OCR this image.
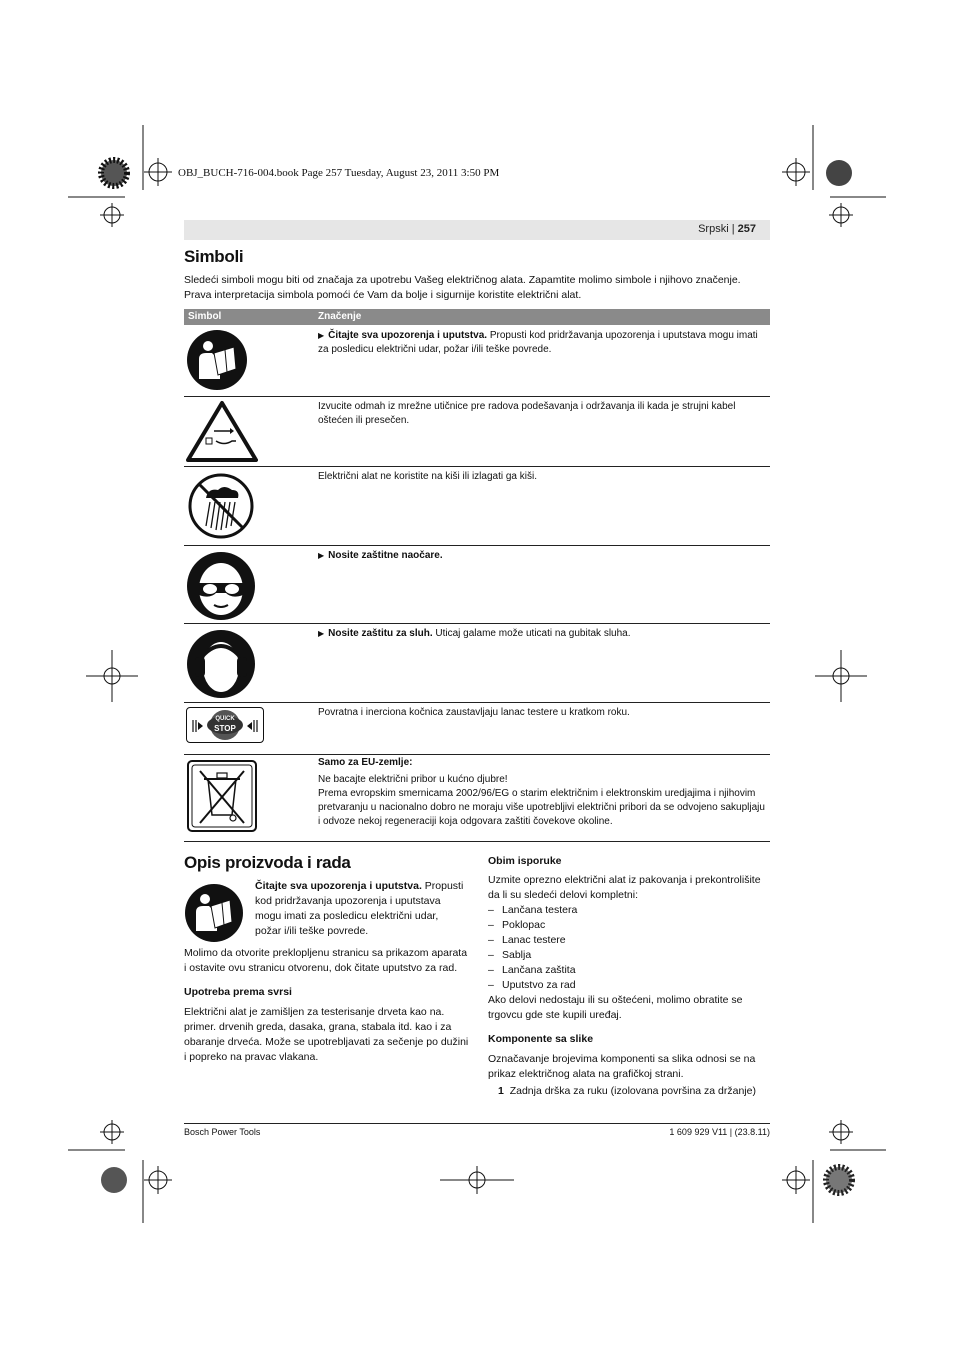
OBJ_BUCH-716-004.book Page 257 Tuesday, August 23, 2011 3:50 PM
Srpski | 257
Simboli
Sledeći simboli mogu biti od značaja za upotrebu Vašeg električnog alata. Zapamtite molimo simbole i njihovo značenje. Prava interpretacija simbola pomoći će Vam da bolje i sigurnije koristite električni alat.
Simbol	Značenje
▶ Čitajte sva upozorenja i uputstva. Propusti kod pridržavanja upozorenja i uputstava mogu imati za posledicu električni udar, požar i/ili teške povrede.
Izvucite odmah iz mrežne utičnice pre radova podešavanja i održavanja ili kada je strujni kabel oštećen ili presečen.
Električni alat ne koristite na kiši ili izlagati ga kiši.
▶ Nosite zaštitne naočare.
▶ Nosite zaštitu za sluh. Uticaj galame može uticati na gubitak sluha.
QUICK
STOP
Povratna i inerciona kočnica zaustavljaju lanac testere u kratkom roku.
Samo za EU-zemlje:
Ne bacajte električni pribor u kućno djubre!
Prema evropskim smernicama 2002/96/EG o starim električnim i elektronskim uredjajima i njihovim pretvaranju u nacionalno dobro ne moraju više upotrebljivi električni pribori da se odvojeno sakupljaju i odvoze nekoj regeneraciji koja odgovara zaštiti čovekove okoline.
Opis proizvoda i rada
Čitajte sva upozorenja i uputstva. Propusti kod pridržavanja upozorenja i uputstava mogu imati za posledicu električni udar, požar i/ili teške povrede.
Molimo da otvorite preklopljenu stranicu sa prikazom aparata i ostavite ovu stranicu otvorenu, dok čitate uputstvo za rad.
Upotreba prema svrsi
Električni alat je zamišljen za testerisanje drveta kao na. primer. drvenih greda, dasaka, grana, stabala itd. kao i za obaranje drveća. Može se upotrebljavati za sečenje po dužini i popreko na pravac vlakana.
Obim isporuke
Uzmite oprezno električni alat iz pakovanja i prekontrolišite da li su sledeći delovi kompletni:
– Lančana testera
– Poklopac
– Lanac testere
– Sablja
– Lančana zaštita
– Uputstvo za rad
Ako delovi nedostaju ili su oštećeni, molimo obratite se trgovcu gde ste kupili uređaj.
Komponente sa slike
Označavanje brojevima komponenti sa slika odnosi se na prikaz električnog alata na grafičkoj strani.
1 Zadnja drška za ruku (izolovana površina za držanje)
Bosch Power Tools	1 609 929 V11 | (23.8.11)
